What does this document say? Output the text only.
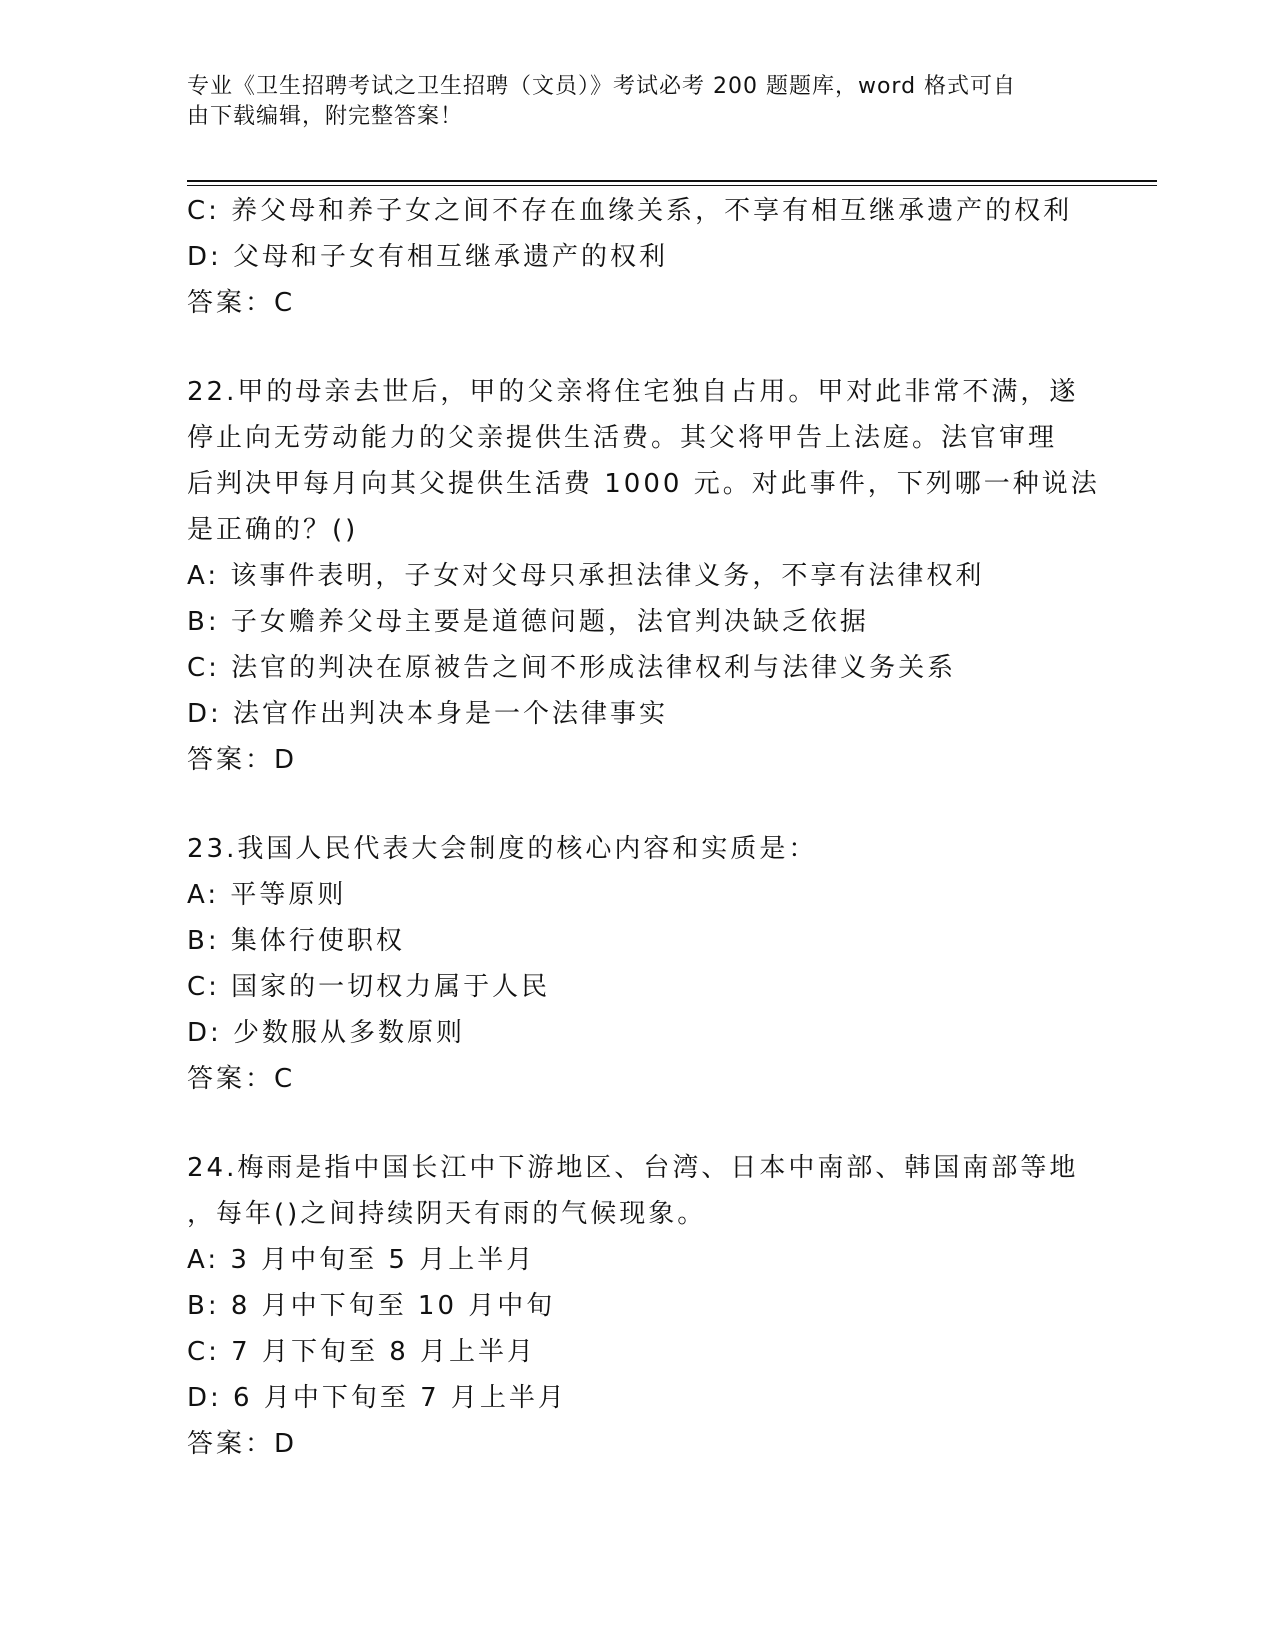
专业《卫生招聘考试之卫生招聘（文员）》考试必考 200 题题库，word 格式可自
由下载编辑，附完整答案！
C: 养父母和养子女之间不存在血缘关系，不享有相互继承遗产的权利
D: 父母和子女有相互继承遗产的权利
答案：C
22.甲的母亲去世后，甲的父亲将住宅独自占用。甲对此非常不满，遂
停止向无劳动能力的父亲提供生活费。其父将甲告上法庭。法官审理
后判决甲每月向其父提供生活费 1000 元。对此事件，下列哪一种说法
是正确的？()
A: 该事件表明，子女对父母只承担法律义务，不享有法律权利
B: 子女赡养父母主要是道德问题，法官判决缺乏依据
C: 法官的判决在原被告之间不形成法律权利与法律义务关系
D: 法官作出判决本身是一个法律事实
答案：D
23.我国人民代表大会制度的核心内容和实质是：
A: 平等原则
B: 集体行使职权
C: 国家的一切权力属于人民
D: 少数服从多数原则
答案：C
24.梅雨是指中国长江中下游地区、台湾、日本中南部、韩国南部等地
，每年()之间持续阴天有雨的气候现象。
A: 3 月中旬至 5 月上半月
B: 8 月中下旬至 10 月中旬
C: 7 月下旬至 8 月上半月
D: 6 月中下旬至 7 月上半月
答案：D
